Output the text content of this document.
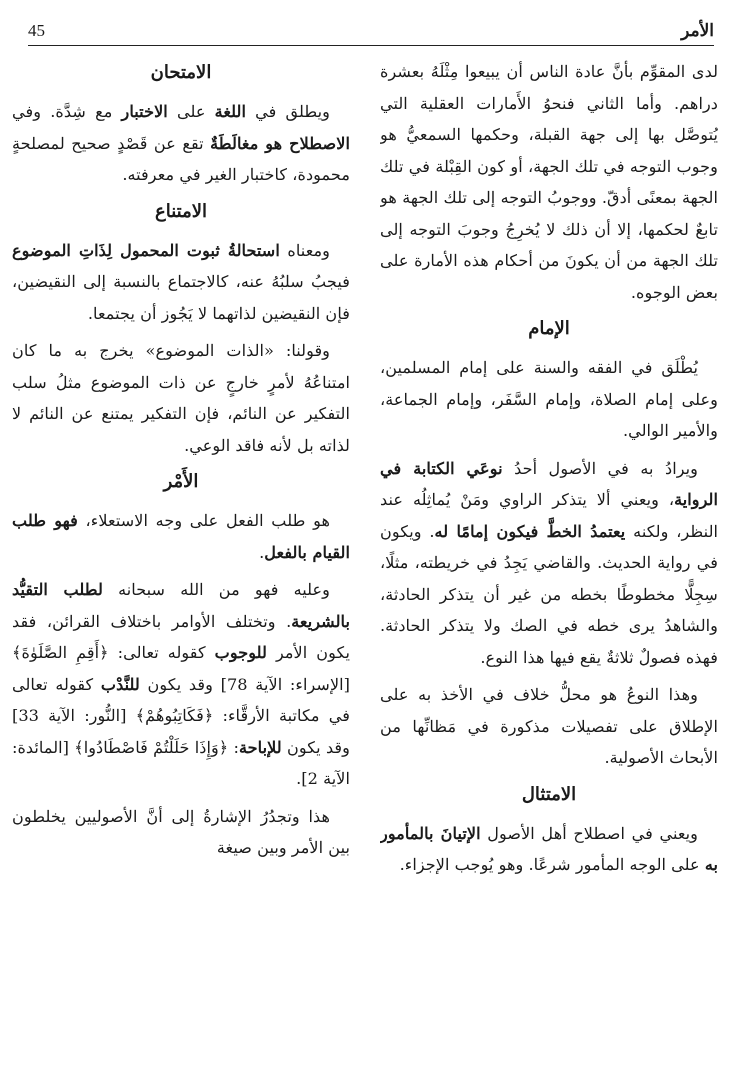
الأمر
45

لدى المقوِّم بأنَّ عادة الناس أن يبيعوا مِثْلَهُ بعشرة دراهم. وأما الثاني فنحوُ الأَمارات العقلية التي يُتوصَّل بها إلى جهة القبلة، وحكمها السمعيُّ هو وجوب التوجه في تلك الجهة، أو كون القِبْلة في تلك الجهة بمعنًى أدقّ. ووجوبُ التوجه إلى تلك الجهة هو تابعٌ لحكمها، إلا أن ذلك لا يُخرِجُ وجوبَ التوجه إلى تلك الجهة من أن يكونَ من أحكام هذه الأمارة على بعض الوجوه.

الإمام

يُطْلَق في الفقه والسنة على إمام المسلمين، وعلى إمام الصلاة، وإمام السَّفَر، وإمام الجماعة، والأمير الوالي.

ويرادُ به في الأصول أحدُ نوعَي الكتابة في الرواية، ويعني ألا يتذكر الراوي ومَنْ يُماثِلُه عند النظر، ولكنه يعتمدُ الخطَّ فيكون إمامًا له. ويكون في رواية الحديث. والقاضي يَجِدُ في خريطته، مثلًا، سِجِلًّا مخطوطًا بخطه من غير أن يتذكر الحادثة، والشاهدُ يرى خطه في الصك ولا يتذكر الحادثة. فهذه فصولٌ ثلاثةٌ يقع فيها هذا النوع.

وهذا النوعُ هو محلُّ خلاف في الأخذ به على الإطلاق على تفصيلات مذكورة في مَظانِّها من الأبحاث الأصولية.

الامتثال

ويعني في اصطلاح أهل الأصول الإتيانَ بالمأمور به على الوجه المأمور شرعًا. وهو يُوجب الإجزاء.

الامتحان

ويطلق في اللغة على الاختبار مع شِدَّة. وفي الاصطلاح هو مغالَطَةٌ تقع عن قَصْدٍ صحيح لمصلحةٍ محمودة، كاختبار الغير في معرفته.

الامتناع

ومعناه استحالةُ ثبوت المحمول لِذَاتِ الموضوع فيجبُ سلبُهُ عنه، كالاجتماع بالنسبة إلى النقيضين، فإن النقيضين لذاتهما لا يَجُوز أن يجتمعا.

وقولنا: «الذات الموضوع» يخرج به ما كان امتناعُهُ لأمرٍ خارجٍ عن ذات الموضوع مثلُ سلب التفكير عن النائم، فإن التفكير يمتنع عن النائم لا لذاته بل لأنه فاقد الوعي.

الأَمْر

هو طلب الفعل على وجه الاستعلاء، فهو طلب القيام بالفعل.

وعليه فهو من الله سبحانه لطلب التقيُّد بالشريعة. وتختلف الأوامر باختلاف القرائن، فقد يكون الأمر للوجوب كقوله تعالى: ﴿أَقِمِ الصَّلَوٰةَ﴾ [الإسراء: الآية 78] وقد يكون للنَّدْب كقوله تعالى في مكاتبة الأرقَّاء: ﴿فَكَاتِبُوهُمْ﴾ [النُّور: الآية 33] وقد يكون للإباحة: ﴿وَإِذَا حَلَلْتُمْ فَاصْطَادُوا﴾ [المائدة: الآية 2].

هذا وتجدُرُ الإشارةُ إلى أنَّ الأصوليين يخلطون بين الأمر وبين صيغة
